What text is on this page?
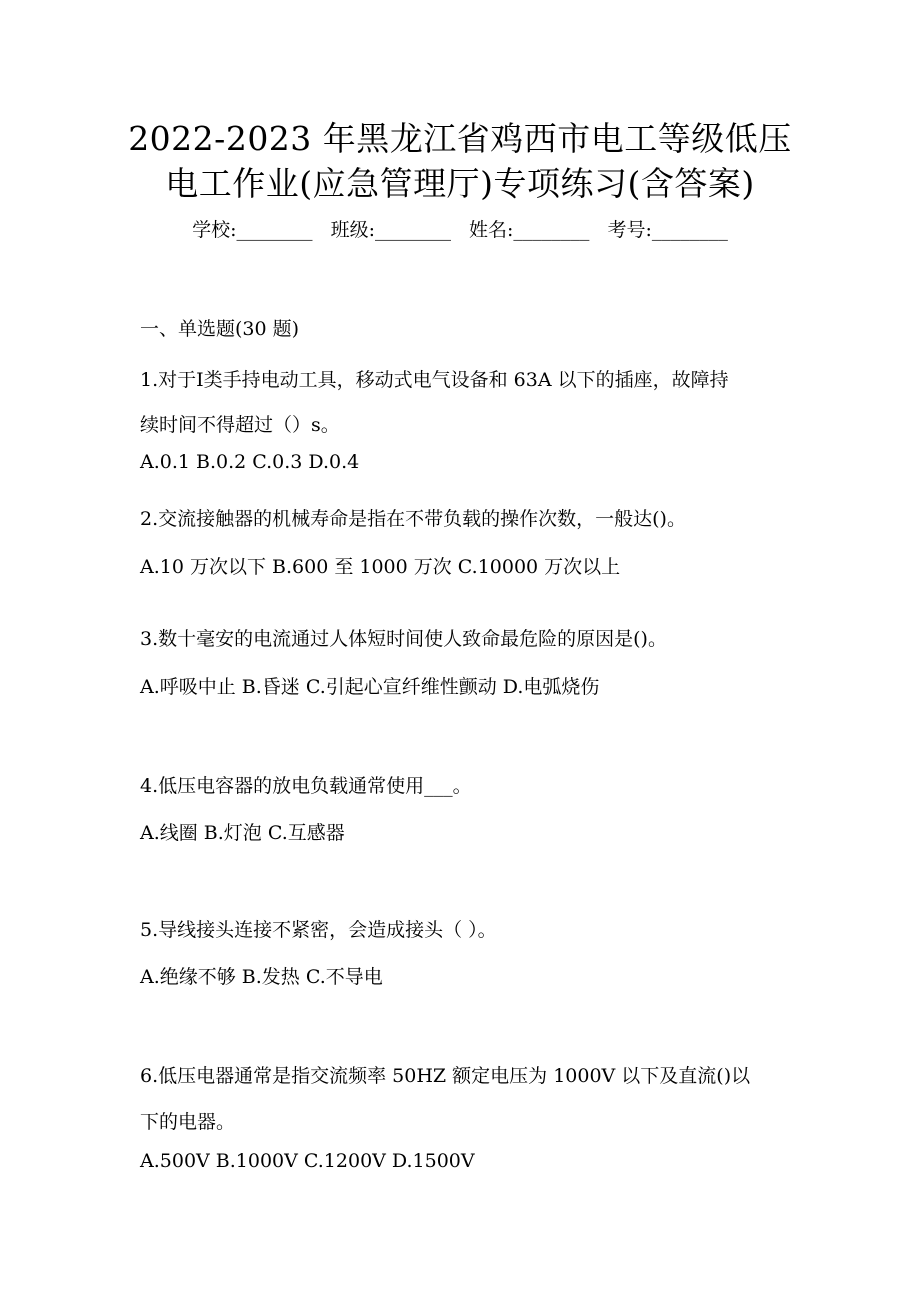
2022-2023 年黑龙江省鸡西市电工等级低压
电工作业(应急管理厅)专项练习(含答案)
学校:________ 班级:________ 姓名:________ 考号:________
一、单选题(30 题)
1.对于I类手持电动工具，移动式电气设备和 63A 以下的插座，故障持
续时间不得超过（）s。
A.0.1 B.0.2 C.0.3 D.0.4
2.交流接触器的机械寿命是指在不带负载的操作次数，一般达()。
A.10 万次以下 B.600 至 1000 万次 C.10000 万次以上
3.数十毫安的电流通过人体短时间使人致命最危险的原因是()。
A.呼吸中止 B.昏迷 C.引起心宣纤维性颤动 D.电弧烧伤
4.低压电容器的放电负载通常使用___。
A.线圈 B.灯泡 C.互感器
5.导线接头连接不紧密，会造成接头（ ）。
A.绝缘不够 B.发热 C.不导电
6.低压电器通常是指交流频率 50HZ 额定电压为 1000V 以下及直流()以
下的电器。
A.500V B.1000V C.1200V D.1500V
